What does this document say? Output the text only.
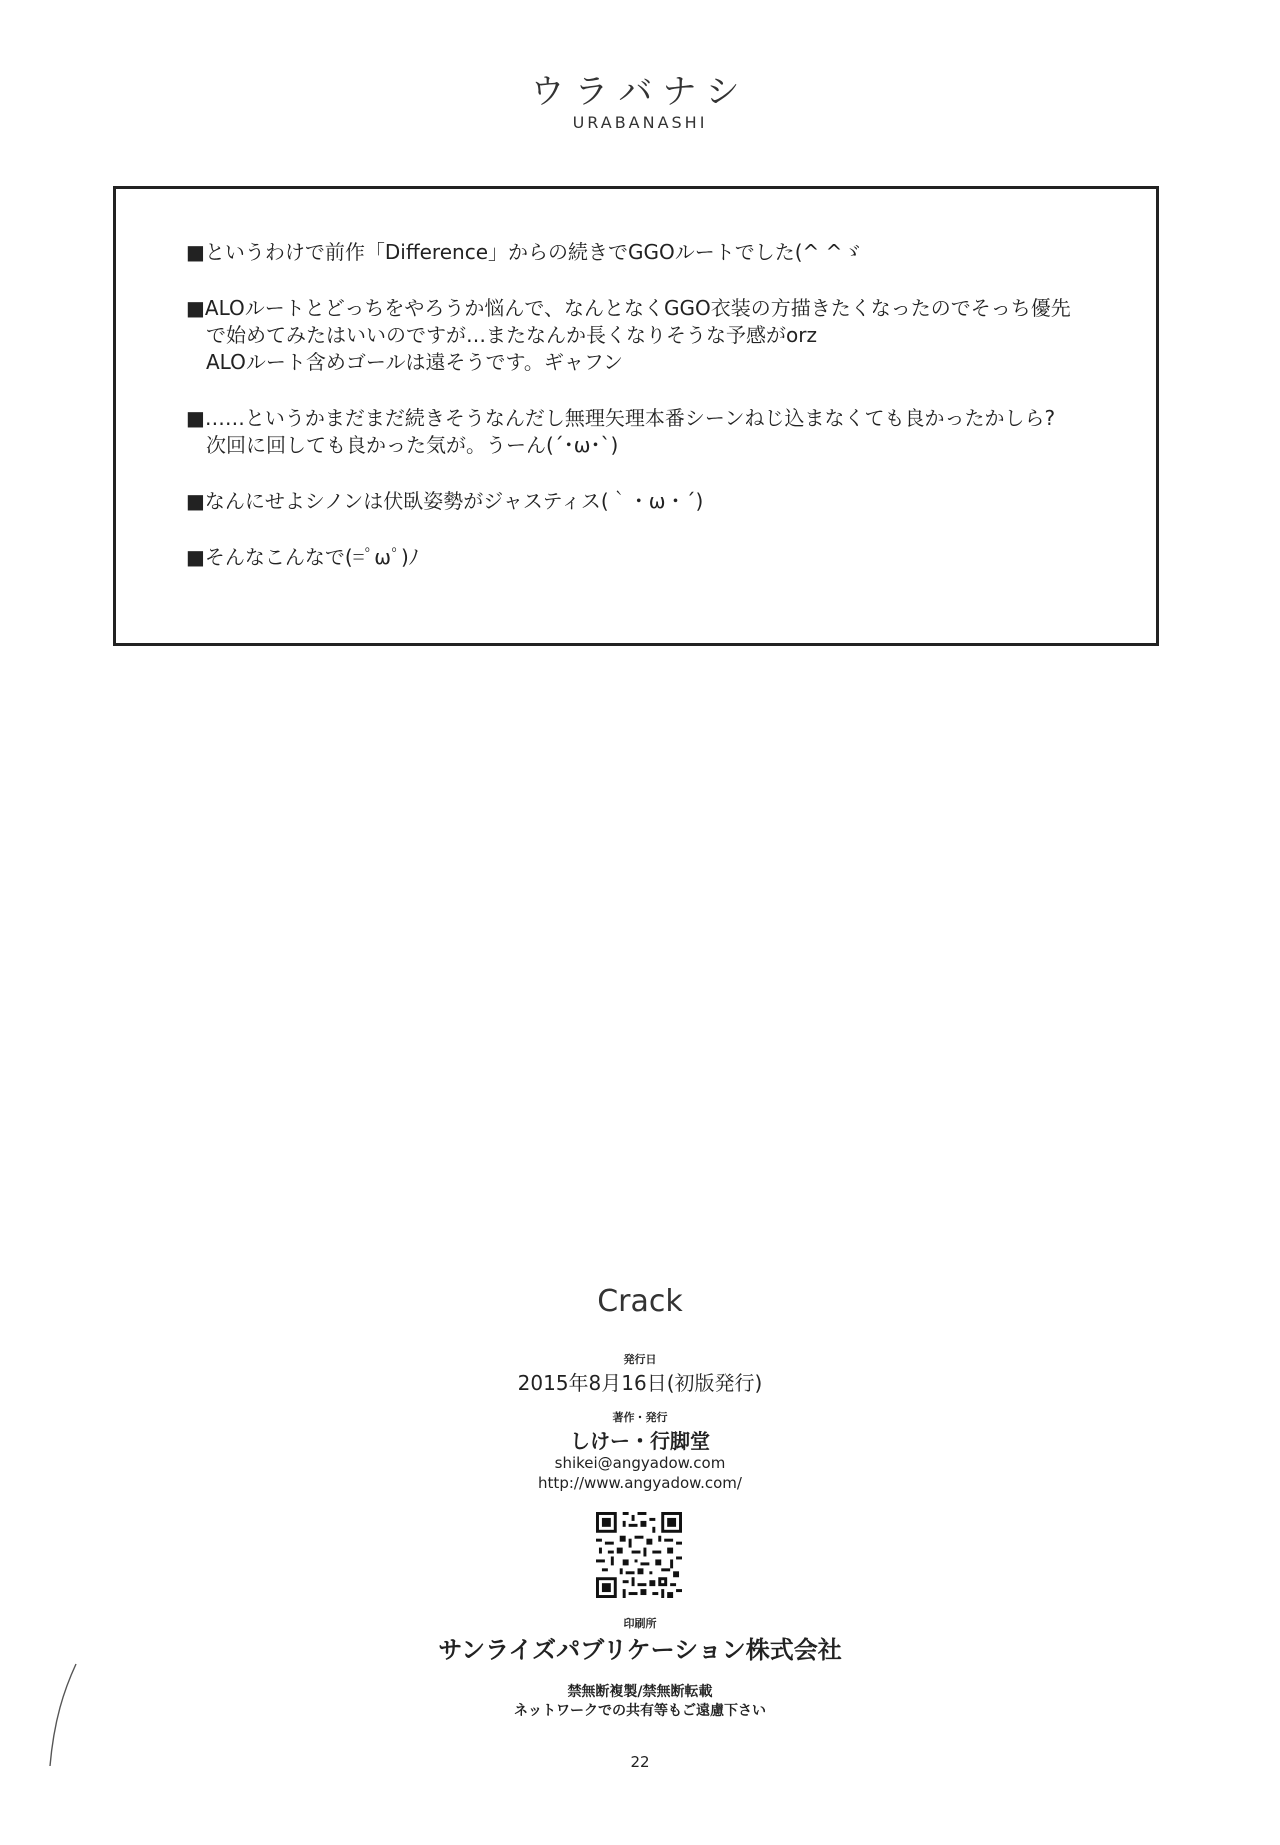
ウラバナシ
URABANASHI
■というわけで前作「Difference」からの続きでGGOルートでした(^ ^ゞ
■ALOルートとどっちをやろうか悩んで、なんとなくGGO衣装の方描きたくなったのでそっち優先
で始めてみたはいいのですが…またなんか長くなりそうな予感がorz
ALOルート含めゴールは遠そうです。ギャフン
■……というかまだまだ続きそうなんだし無理矢理本番シーンねじ込まなくても良かったかしら?
次回に回しても良かった気が。うーん(´･ω･`)
■なんにせよシノンは伏臥姿勢がジャスティス(｀・ω・´)
■そんなこんなで(=ﾟωﾟ)ﾉ
Crack
発行日
2015年8月16日(初版発行)
著作・発行
しけー・行脚堂
shikei@angyadow.com
http://www.angyadow.com/
印刷所
サンライズパブリケーション株式会社
禁無断複製/禁無断転載
ネットワークでの共有等もご遠慮下さい
22
